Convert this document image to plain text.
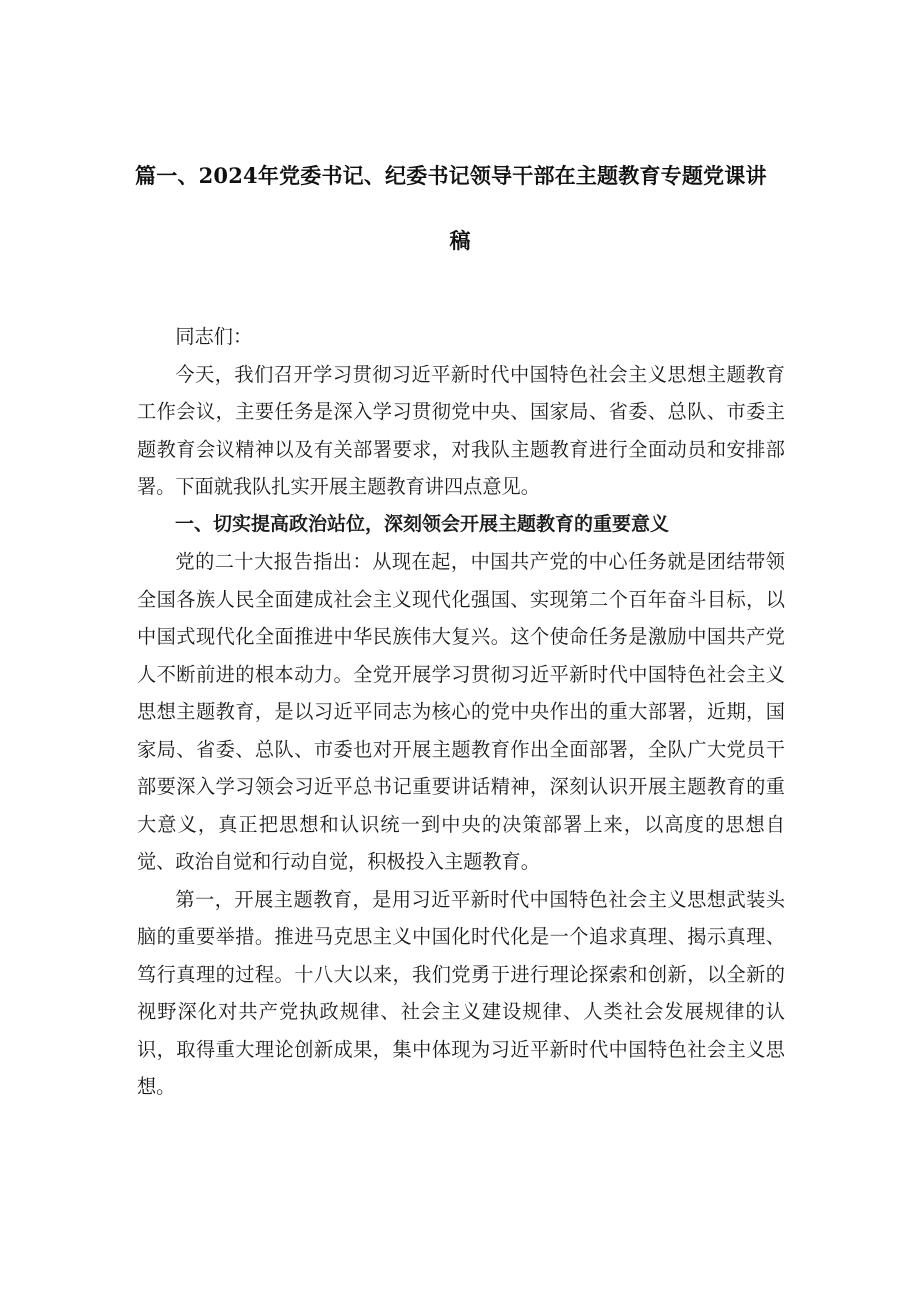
篇一、2024年党委书记、纪委书记领导干部在主题教育专题党课讲
稿

同志们：

今天，我们召开学习贯彻习近平新时代中国特色社会主义思想主题教育工作会议，主要任务是深入学习贯彻党中央、国家局、省委、总队、市委主题教育会议精神以及有关部署要求，对我队主题教育进行全面动员和安排部署。下面就我队扎实开展主题教育讲四点意见。

一、切实提高政治站位，深刻领会开展主题教育的重要意义

党的二十大报告指出：从现在起，中国共产党的中心任务就是团结带领全国各族人民全面建成社会主义现代化强国、实现第二个百年奋斗目标，以中国式现代化全面推进中华民族伟大复兴。这个使命任务是激励中国共产党人不断前进的根本动力。全党开展学习贯彻习近平新时代中国特色社会主义思想主题教育，是以习近平同志为核心的党中央作出的重大部署，近期，国家局、省委、总队、市委也对开展主题教育作出全面部署，全队广大党员干部要深入学习领会习近平总书记重要讲话精神，深刻认识开展主题教育的重大意义，真正把思想和认识统一到中央的决策部署上来，以高度的思想自觉、政治自觉和行动自觉，积极投入主题教育。

第一，开展主题教育，是用习近平新时代中国特色社会主义思想武装头脑的重要举措。推进马克思主义中国化时代化是一个追求真理、揭示真理、笃行真理的过程。十八大以来，我们党勇于进行理论探索和创新，以全新的视野深化对共产党执政规律、社会主义建设规律、人类社会发展规律的认识，取得重大理论创新成果，集中体现为习近平新时代中国特色社会主义思想。
